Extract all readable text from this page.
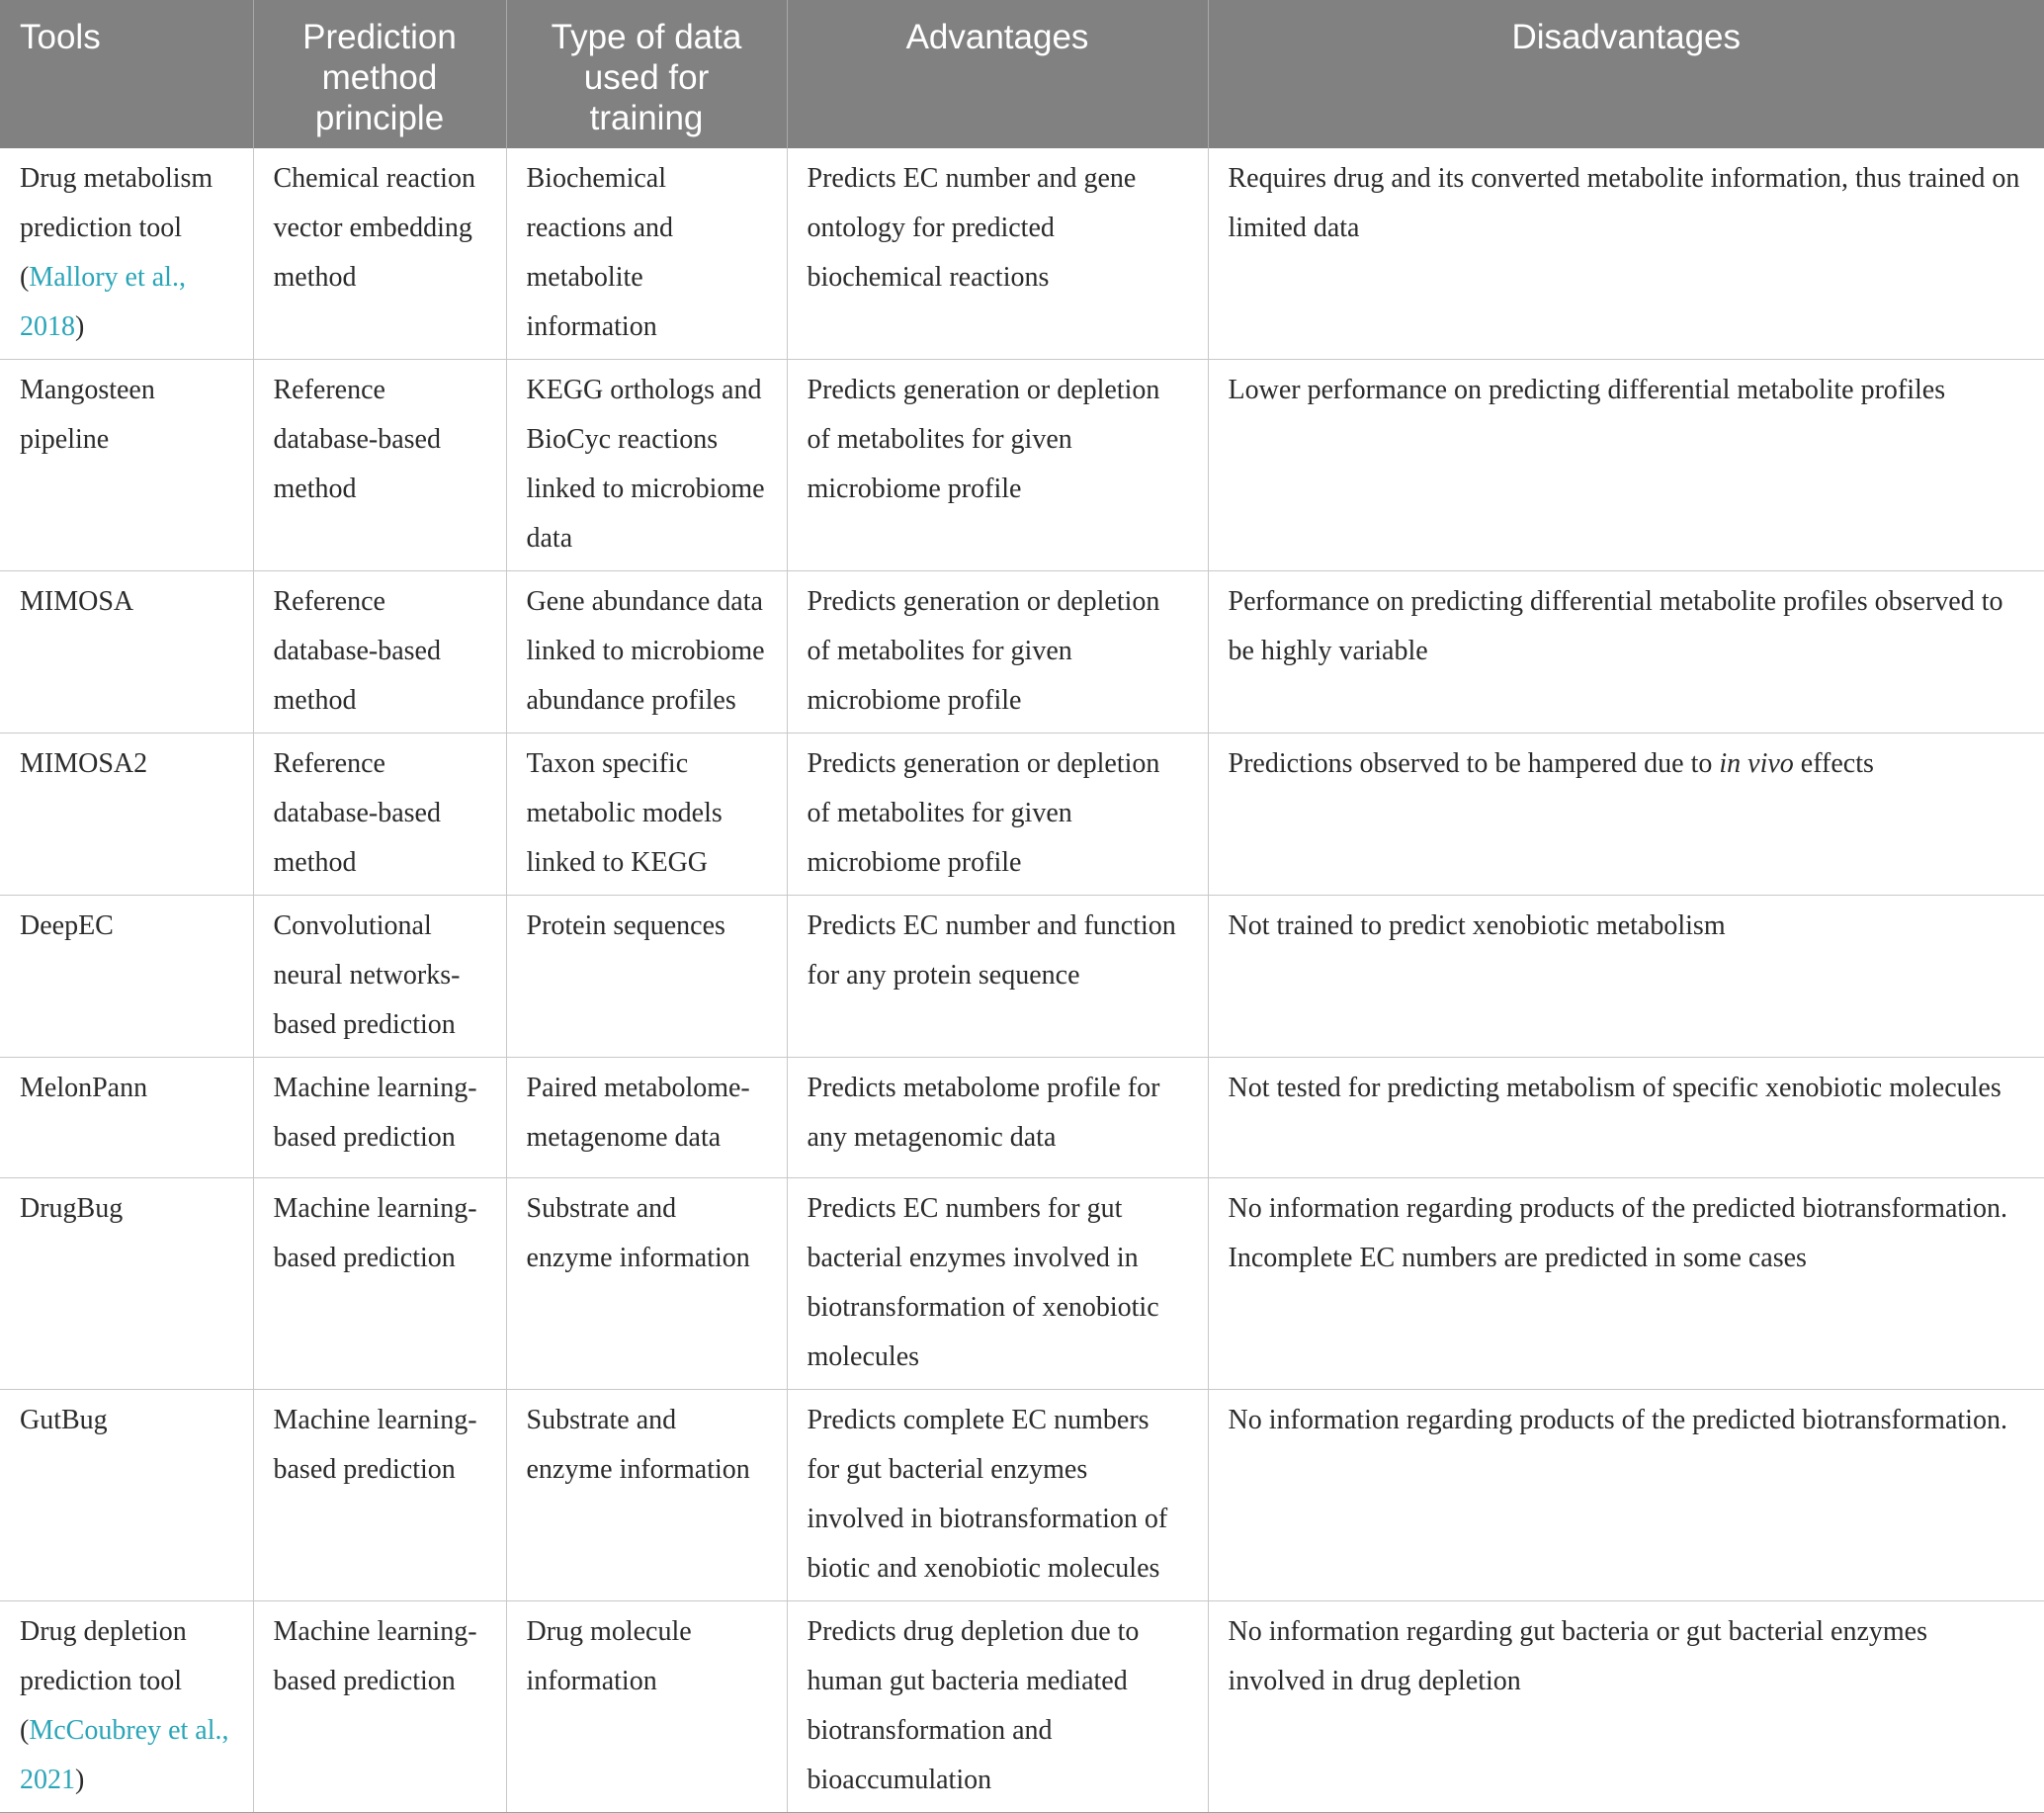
Tools	Prediction method principle	Type of data used for training	Advantages	Disadvantages
Drug metabolism prediction tool (Mallory et al., 2018)	Chemical reaction vector embedding method	Biochemical reactions and metabolite information	Predicts EC number and gene ontology for predicted biochemical reactions	Requires drug and its converted metabolite information, thus trained on limited data
Mangosteen pipeline	Reference database-based method	KEGG orthologs and BioCyc reactions linked to microbiome data	Predicts generation or depletion of metabolites for given microbiome profile	Lower performance on predicting differential metabolite profiles
MIMOSA	Reference database-based method	Gene abundance data linked to microbiome abundance profiles	Predicts generation or depletion of metabolites for given microbiome profile	Performance on predicting differential metabolite profiles observed to be highly variable
MIMOSA2	Reference database-based method	Taxon specific metabolic models linked to KEGG	Predicts generation or depletion of metabolites for given microbiome profile	Predictions observed to be hampered due to in vivo effects
DeepEC	Convolutional neural networks-based prediction	Protein sequences	Predicts EC number and function for any protein sequence	Not trained to predict xenobiotic metabolism
MelonPann	Machine learning-based prediction	Paired metabolome-metagenome data	Predicts metabolome profile for any metagenomic data	Not tested for predicting metabolism of specific xenobiotic molecules
DrugBug	Machine learning-based prediction	Substrate and enzyme information	Predicts EC numbers for gut bacterial enzymes involved in biotransformation of xenobiotic molecules	No information regarding products of the predicted biotransformation. Incomplete EC numbers are predicted in some cases
GutBug	Machine learning-based prediction	Substrate and enzyme information	Predicts complete EC numbers for gut bacterial enzymes involved in biotransformation of biotic and xenobiotic molecules	No information regarding products of the predicted biotransformation.
Drug depletion prediction tool (McCoubrey et al., 2021)	Machine learning-based prediction	Drug molecule information	Predicts drug depletion due to human gut bacteria mediated biotransformation and bioaccumulation	No information regarding gut bacteria or gut bacterial enzymes involved in drug depletion
